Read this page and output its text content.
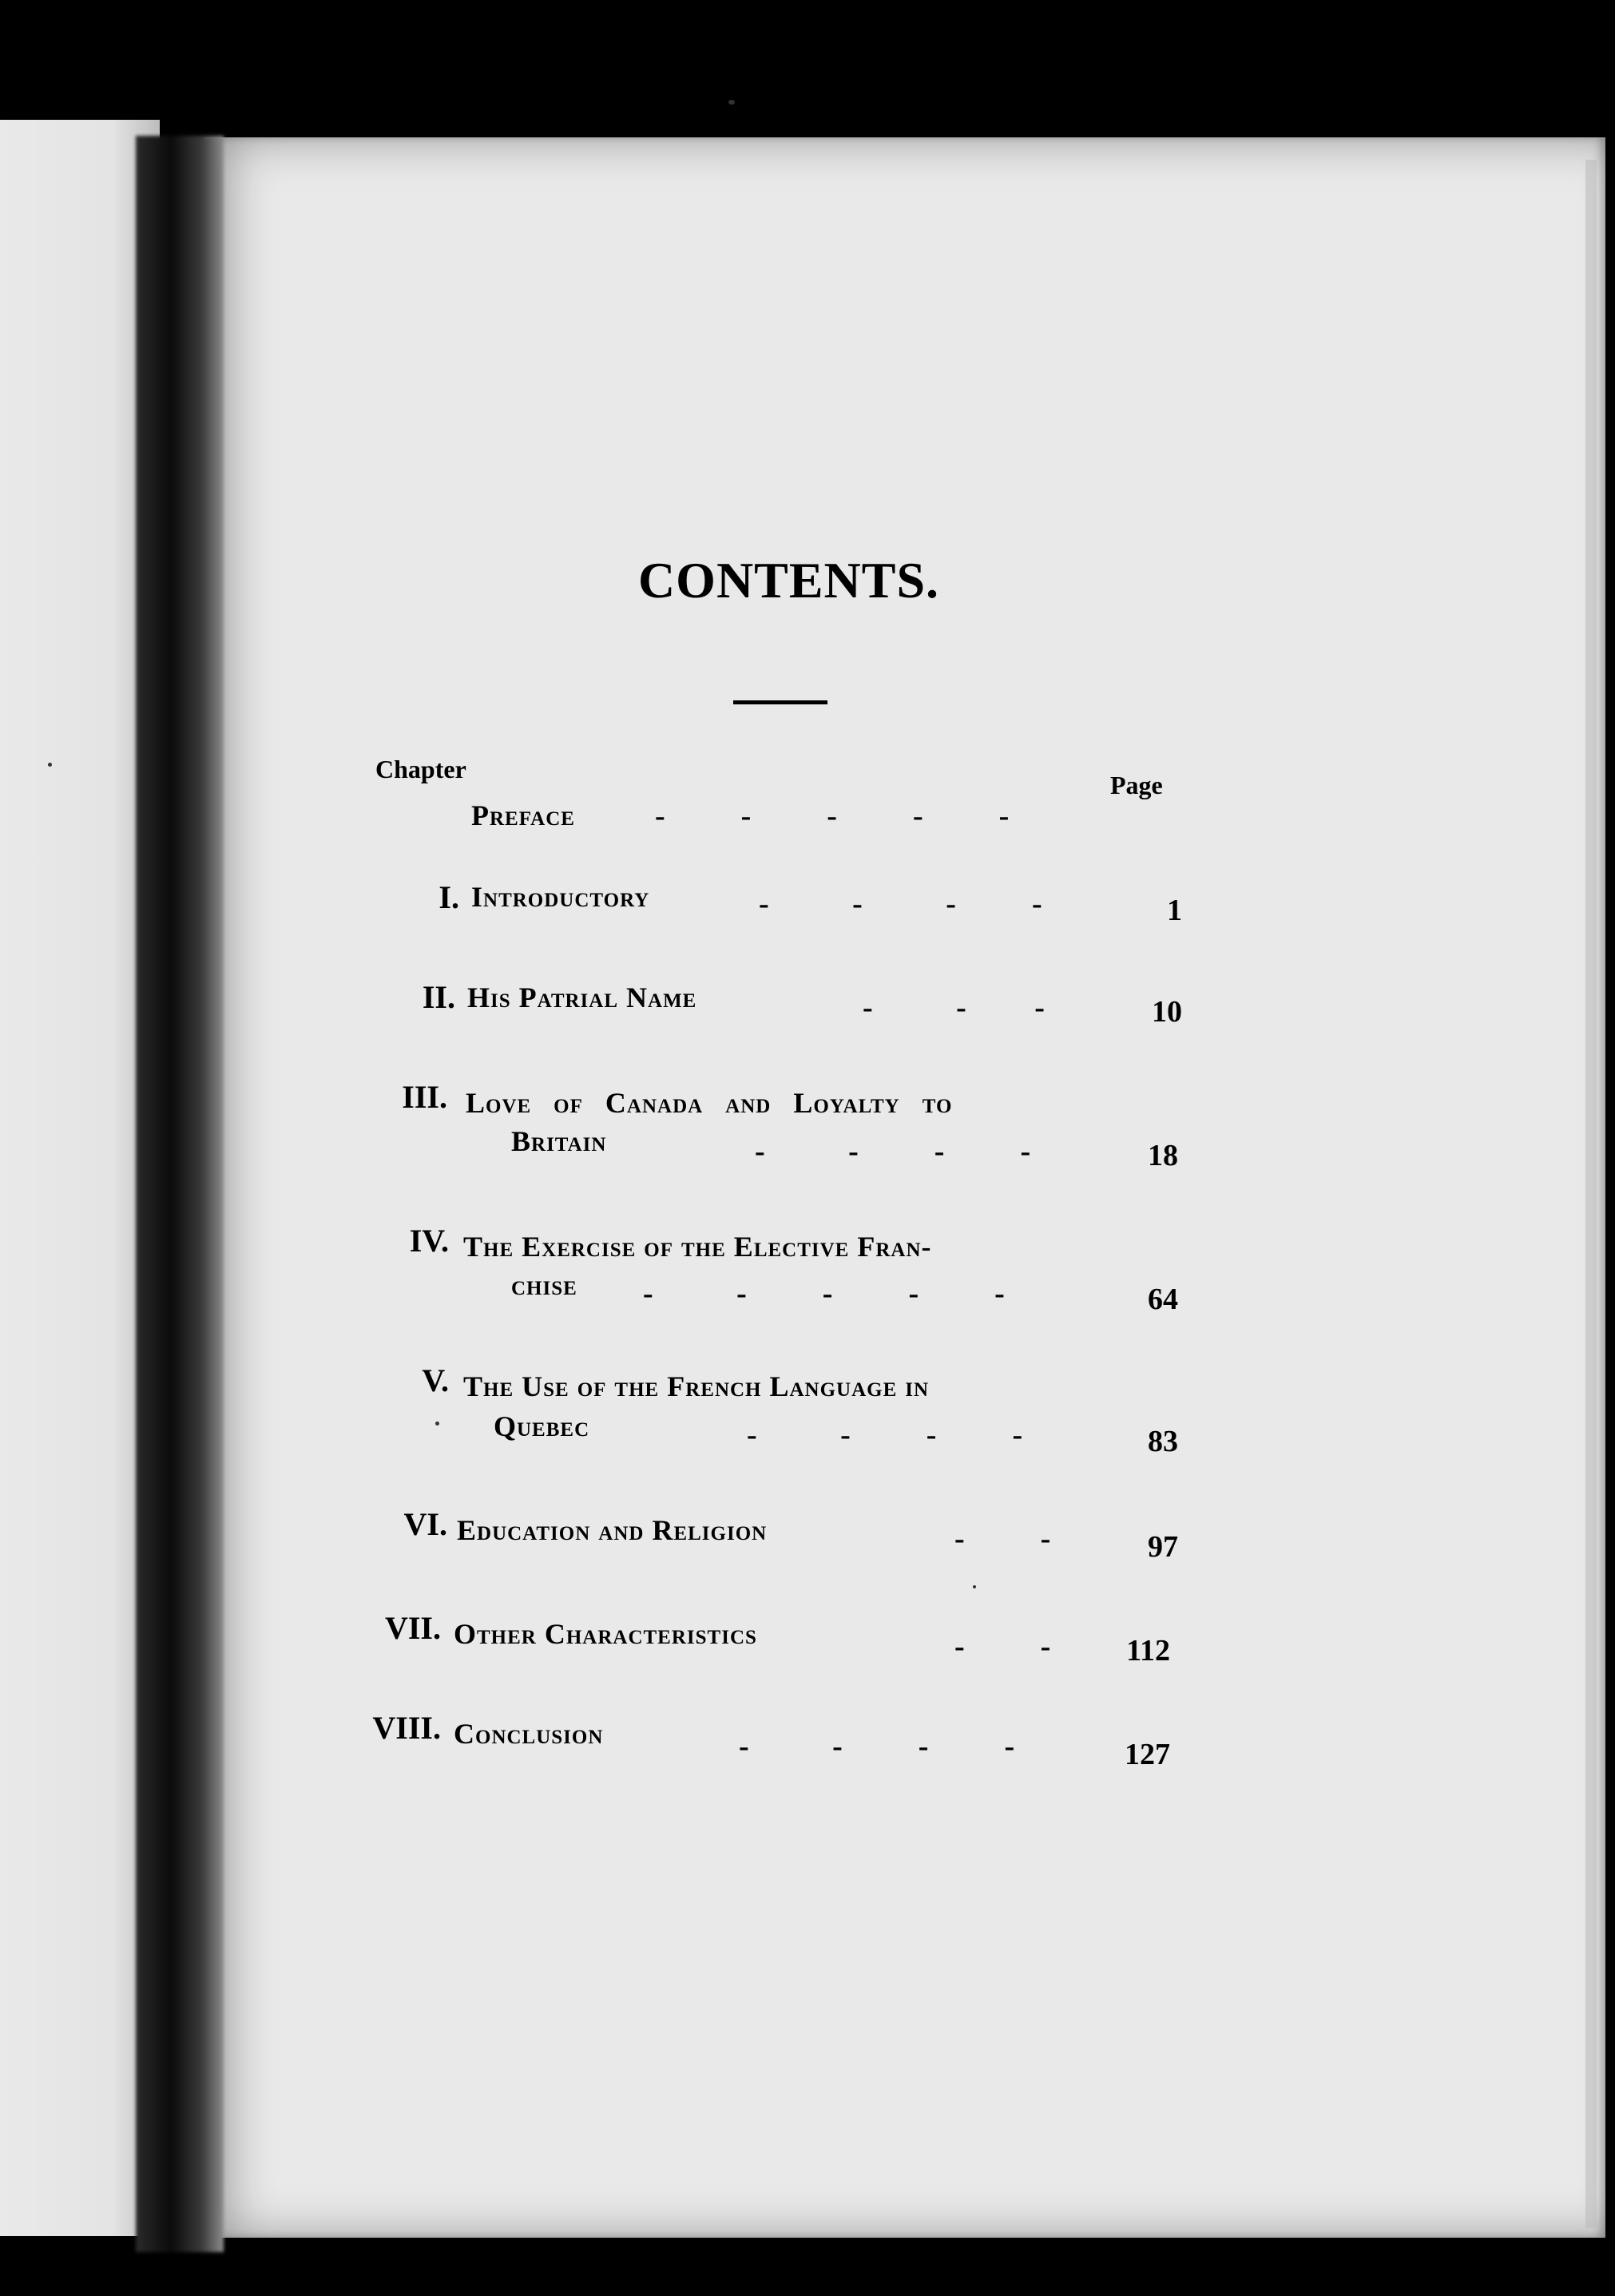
CONTENTS.
Chapter
Page
Preface	-          -          -          -          -
I. Introductory	-           -           -          -	1
II. His Patrial Name	-           -         -	10
III. Love of Canada and Loyalty to
Britain	-           -          -          -	18
IV. The Exercise of the Elective Fran-
chise -           -          -          -          -	64
V. The Use of the French Language in
Quebec	-           -          -          -	83
VI. Education and Religion	-          -	97
VII. Other Characteristics	-          -	112
VIII. Conclusion	-           -          -          -	127
